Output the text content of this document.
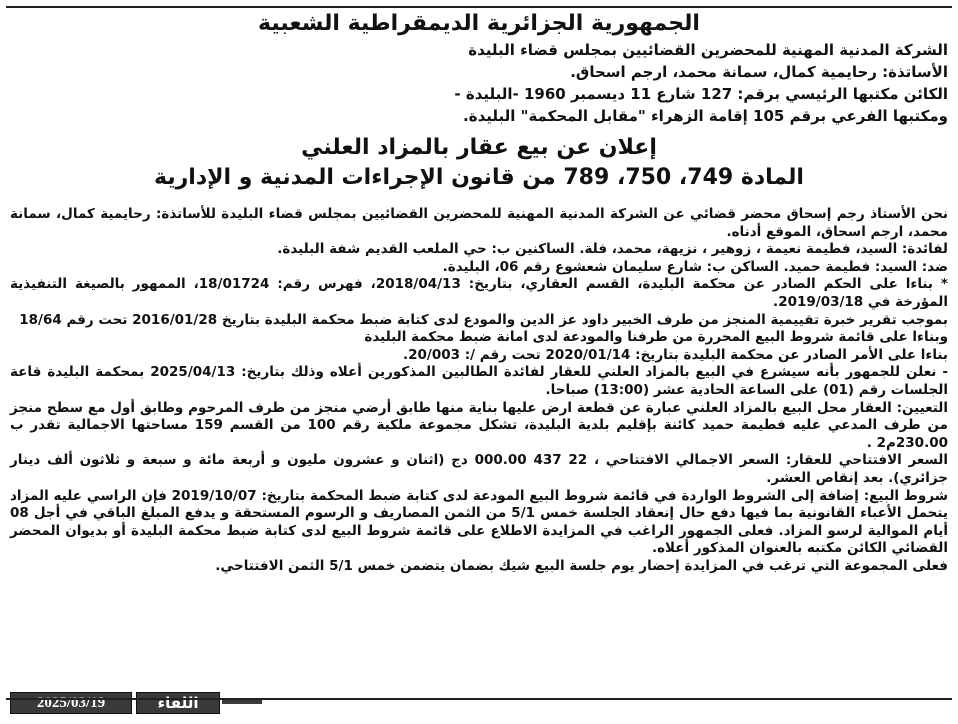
الجمهورية الجزائرية الديمقراطية الشعبية
الشركة المدنية المهنية للمحضرين القضائيين بمجلس قضاء البليدة
الأساتذة: رحايمية كمال، سمانة محمد، ارجم اسحاق.
الكائن مكتبها الرئيسي برقم: 127 شارع 11 ديسمبر 1960 -البليدة -
ومكتبها الفرعي برقم 105 إقامة الزهراء "مقابل المحكمة" البليدة.
إعلان عن بيع عقار بالمزاد العلني
المادة 749، 750، 789 من قانون الإجراءات المدنية و الإدارية

نحن الأستاذ رجم إسحاق محضر قضائي عن الشركة المدنية المهنية للمحضرين القضائيين بمجلس قضاء البليدة للأساتذة: رحايمية كمال، سمانة محمد، ارجم اسحاق، الموقع أدناه.

لفائدة: السيد، فطيمة نعيمة ، زوهير ، نزيهة، محمد، فلة. الساكنين ب: حي الملعب القديم شفة البليدة.

ضد: السيد: فطيمة حميد. الساكن ب: شارع سليمان شعشوع رقم 06، البليدة.

* بناءا على الحكم الصادر عن محكمة البليدة، القسم العقاري، بتاريخ: 2018/04/13، فهرس رقم: 18/01724، الممهور بالصيغة التنفيذية المؤرخة في 2019/03/18.

بموجب تقرير خبرة تقييمية المنجز من طرف الخبير داود عز الدين والمودع لدى كتابة ضبط محكمة البليدة بتاريخ 2016/01/28 تحت رقم 18/64

وبناءا على قائمة شروط البيع المحررة من طرفنا والمودعة لدى امانة ضبط محكمة البليدة

بناءا على الأمر الصادر عن محكمة البليدة بتاريخ: 2020/01/14 تحت رقم /: 20/003.

- نعلن للجمهور بأنه سيشرع في البيع بالمزاد العلني للعقار لفائدة الطالبين المذكورين أعلاه وذلك بتاريخ: 2025/04/13 بمحكمة البليدة قاعة الجلسات رقم (01) على الساعة الحادية عشر (13:00) صباحا.

التعيين: العقار محل البيع بالمزاد العلني عبارة عن قطعة ارض عليها بناية منها طابق أرضي منجز من طرف المرحوم وطابق أول مع سطح منجز من طرف المدعي عليه فطيمة حميد كائنة بإقليم بلدية البليدة، تشكل مجموعة ملكية رقم 100 من القسم 159 مساحتها الاجمالية تقدر ب 230.00م2 .

السعر الافتتاحي للعقار: السعر الاجمالي الافتتاحي ، 22 437 000.00 دج (اثنان و عشرون مليون و أربعة مائة و سبعة و ثلاثون ألف دينار جزائري). بعد إنقاص العشر.

شروط البيع: إضافة إلى الشروط الواردة في قائمة شروط البيع المودعة لدى كتابة ضبط المحكمة بتاريخ: 2019/10/07 فإن الراسي عليه المزاد يتحمل الأعباء القانونية بما فيها دفع حال إنعقاد الجلسة خمس 5/1 من الثمن المصاريف و الرسوم المستحقة و يدفع المبلغ الباقي في أجل 08 أيام الموالية لرسو المزاد. فعلى الجمهور الراغب في المزايدة الاطلاع على قائمة شروط البيع لدى كتابة ضبط محكمة البليدة أو بديوان المحضر القضائي الكائن مكتبه بالعنوان المذكور أعلاه.

فعلى المجموعة التي ترغب في المزايدة إحضار يوم جلسة البيع شيك بضمان يتضمن خمس 5/1 الثمن الافتتاحي.

2025/03/19	اللقاء
